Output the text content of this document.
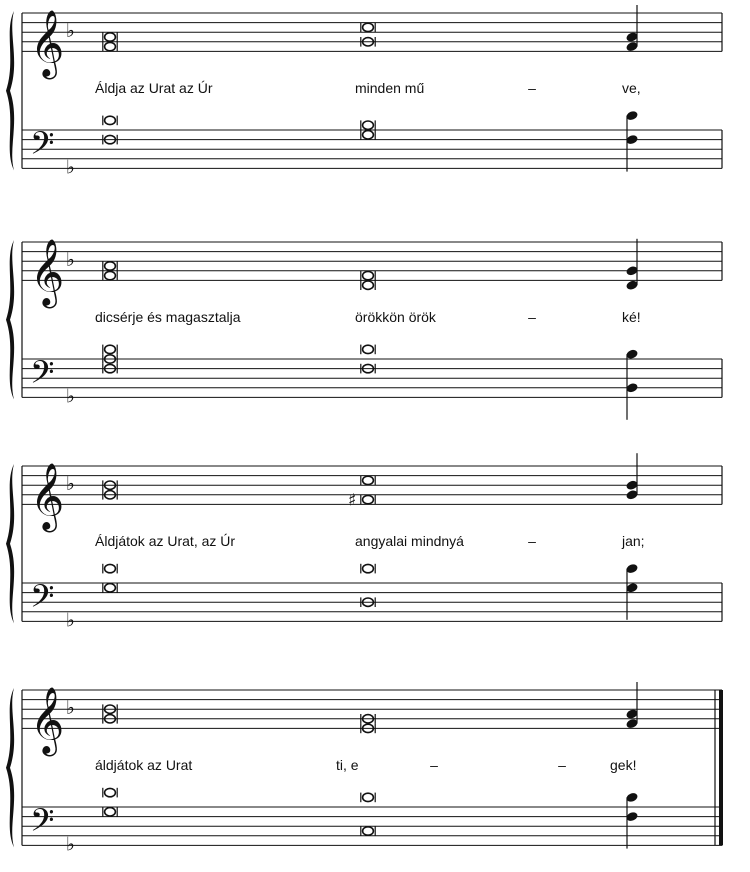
𝄞
𝄢
♭
♭
Áldja az Urat az Úr	minden mű	–	ve,
𝄞
𝄢
♭
♭
dicsérje és magasztalja	örökkön örök	–	ké!
𝄞
𝄢
♭
♭
♯
Áldjátok az Urat, az Úr	angyalai mindnyá	–	jan;
𝄞
𝄢
♭
♭
áldjátok az Urat	ti, e	–	–	gek!
